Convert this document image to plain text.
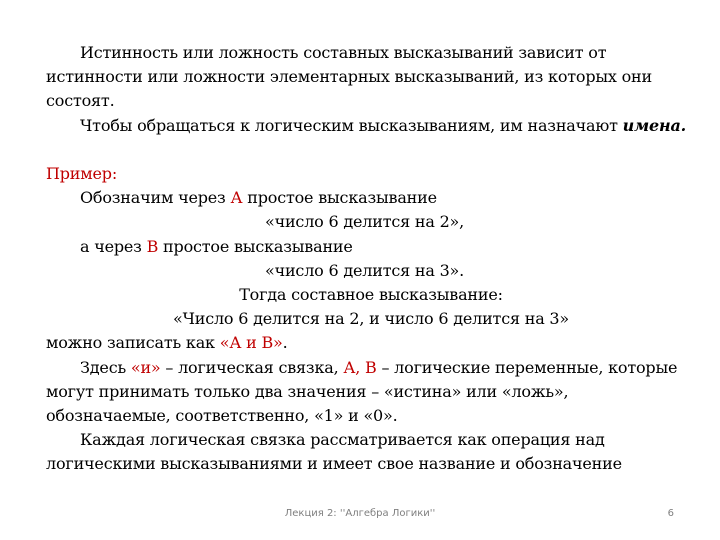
Истинность или ложность составных высказываний зависит от
истинности или ложности элементарных высказываний, из которых они
состоят.
Чтобы обращаться к логическим высказываниям, им назначают имена.
Пример:
Обозначим через А простое высказывание
«число 6 делится на 2»,
а через В простое высказывание
«число 6 делится на 3».
Тогда составное высказывание:
«Число 6 делится на 2, и число 6 делится на 3»
можно записать как «А и В».
Здесь «и» – логическая связка, А, В – логические переменные, которые
могут принимать только два значения – «истина» или «ложь»,
обозначаемые, соответственно, «1» и «0».
Каждая логическая связка рассматривается как операция над
логическими высказываниями и имеет свое название и обозначение
Лекция 2: ''Алгебра Логики''	6
